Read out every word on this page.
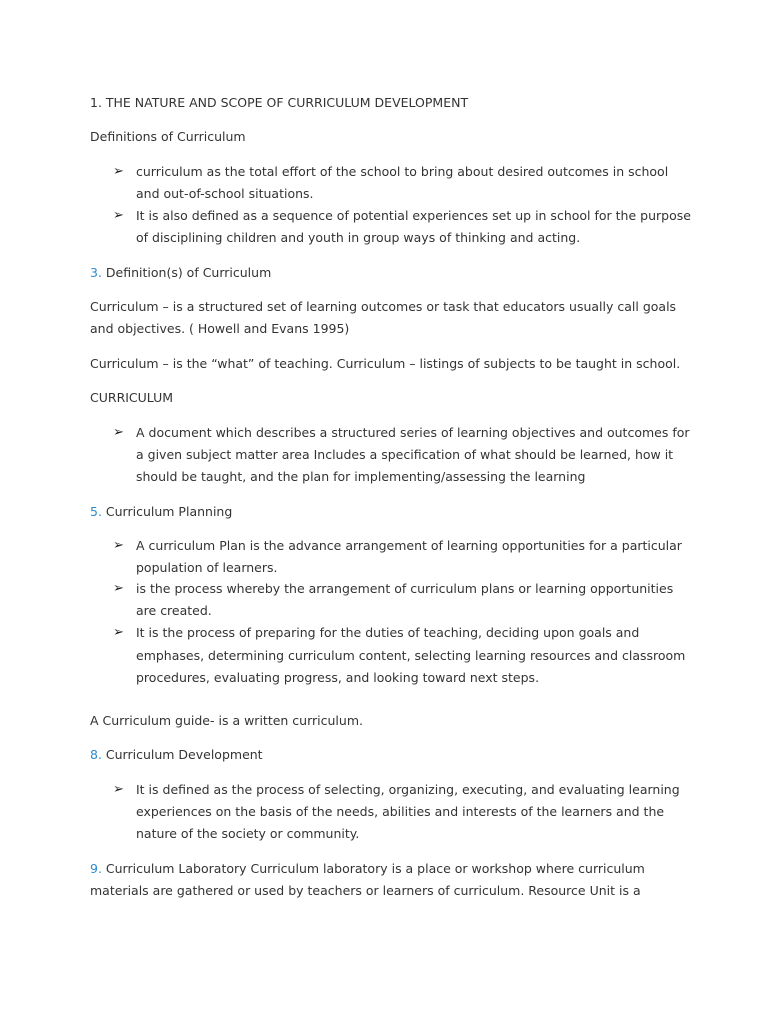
1. THE NATURE AND SCOPE OF CURRICULUM DEVELOPMENT
Definitions of Curriculum
➢ curriculum as the total effort of the school to bring about desired outcomes in school
and out-of-school situations.
➢ It is also defined as a sequence of potential experiences set up in school for the purpose
of disciplining children and youth in group ways of thinking and acting.
3. Definition(s) of Curriculum
Curriculum – is a structured set of learning outcomes or task that educators usually call goals
and objectives. ( Howell and Evans 1995)
Curriculum – is the “what” of teaching. Curriculum – listings of subjects to be taught in school.
CURRICULUM
➢ A document which describes a structured series of learning objectives and outcomes for
a given subject matter area Includes a specification of what should be learned, how it
should be taught, and the plan for implementing/assessing the learning
5. Curriculum Planning
➢ A curriculum Plan is the advance arrangement of learning opportunities for a particular
population of learners.
➢ is the process whereby the arrangement of curriculum plans or learning opportunities
are created.
➢ It is the process of preparing for the duties of teaching, deciding upon goals and
emphases, determining curriculum content, selecting learning resources and classroom
procedures, evaluating progress, and looking toward next steps.
A Curriculum guide- is a written curriculum.
8. Curriculum Development
➢ It is defined as the process of selecting, organizing, executing, and evaluating learning
experiences on the basis of the needs, abilities and interests of the learners and the
nature of the society or community.
9. Curriculum Laboratory Curriculum laboratory is a place or workshop where curriculum
materials are gathered or used by teachers or learners of curriculum. Resource Unit is a
